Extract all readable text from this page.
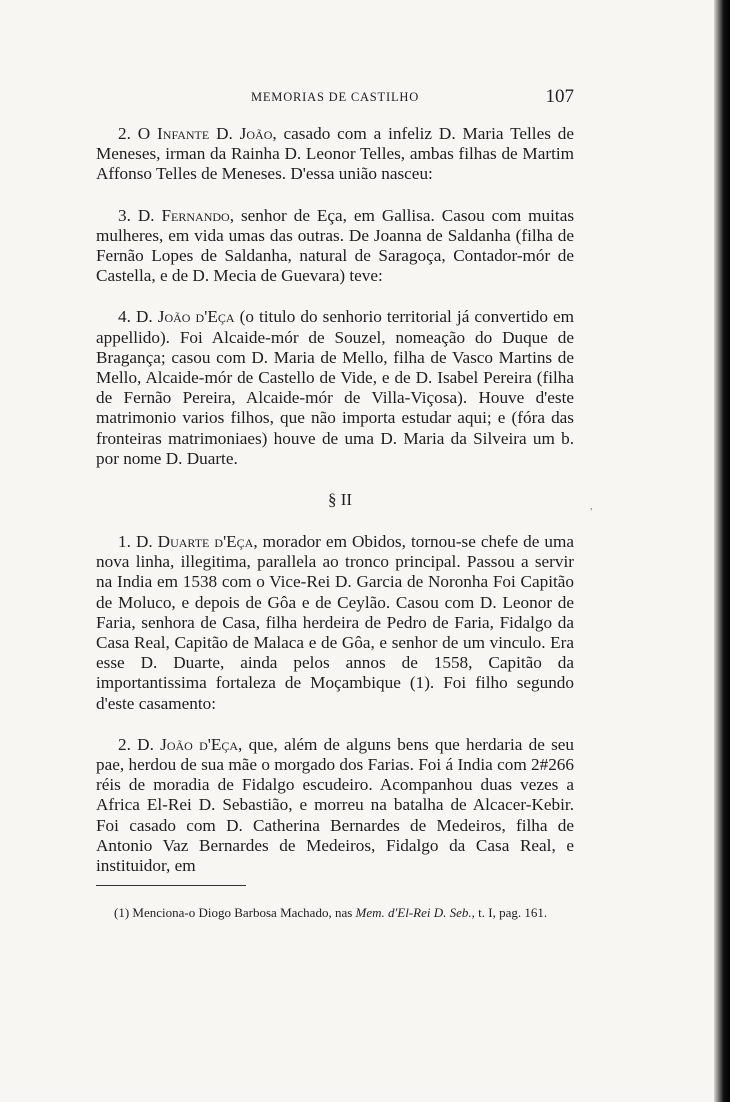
MEMORIAS DE CASTILHO	107

2. O Infante D. João, casado com a infeliz D. Maria Telles de Meneses, irman da Rainha D. Leonor Telles, ambas filhas de Martim Affonso Telles de Meneses. D'essa união nasceu:

3. D. Fernando, senhor de Eça, em Gallisa. Casou com muitas mulheres, em vida umas das outras. De Joanna de Saldanha (filha de Fernão Lopes de Saldanha, natural de Saragoça, Contador-mór de Castella, e de D. Mecia de Guevara) teve:

4. D. João d'Eça (o titulo do senhorio territorial já convertido em appellido). Foi Alcaide-mór de Souzel, nomeação do Duque de Bragança; casou com D. Maria de Mello, filha de Vasco Martins de Mello, Alcaide-mór de Castello de Vide, e de D. Isabel Pereira (filha de Fernão Pereira, Alcaide-mór de Villa-Viçosa). Houve d'este matrimonio varios filhos, que não importa estudar aqui; e (fóra das fronteiras matrimoniaes) houve de uma D. Maria da Silveira um b. por nome D. Duarte.

§ II

1. D. Duarte d'Eça, morador em Obidos, tornou-se chefe de uma nova linha, illegitima, parallela ao tronco principal. Passou a servir na India em 1538 com o Vice-Rei D. Garcia de Noronha Foi Capitão de Moluco, e depois de Gôa e de Ceylão. Casou com D. Leonor de Faria, senhora de Casa, filha herdeira de Pedro de Faria, Fidalgo da Casa Real, Capitão de Malaca e de Gôa, e senhor de um vinculo. Era esse D. Duarte, ainda pelos annos de 1558, Capitão da importantissima fortaleza de Moçambique (1). Foi filho segundo d'este casamento:

2. D. João d'Eça, que, além de alguns bens que herdaria de seu pae, herdou de sua mãe o morgado dos Farias. Foi á India com 2#266 réis de moradia de Fidalgo escudeiro. Acompanhou duas vezes a Africa El-Rei D. Sebastião, e morreu na batalha de Alcacer-Kebir. Foi casado com D. Catherina Bernardes de Medeiros, filha de Antonio Vaz Bernardes de Medeiros, Fidalgo da Casa Real, e instituidor, em

(1) Menciona-o Diogo Barbosa Machado, nas Mem. d'El-Rei D. Seb., t. I, pag. 161.
,
